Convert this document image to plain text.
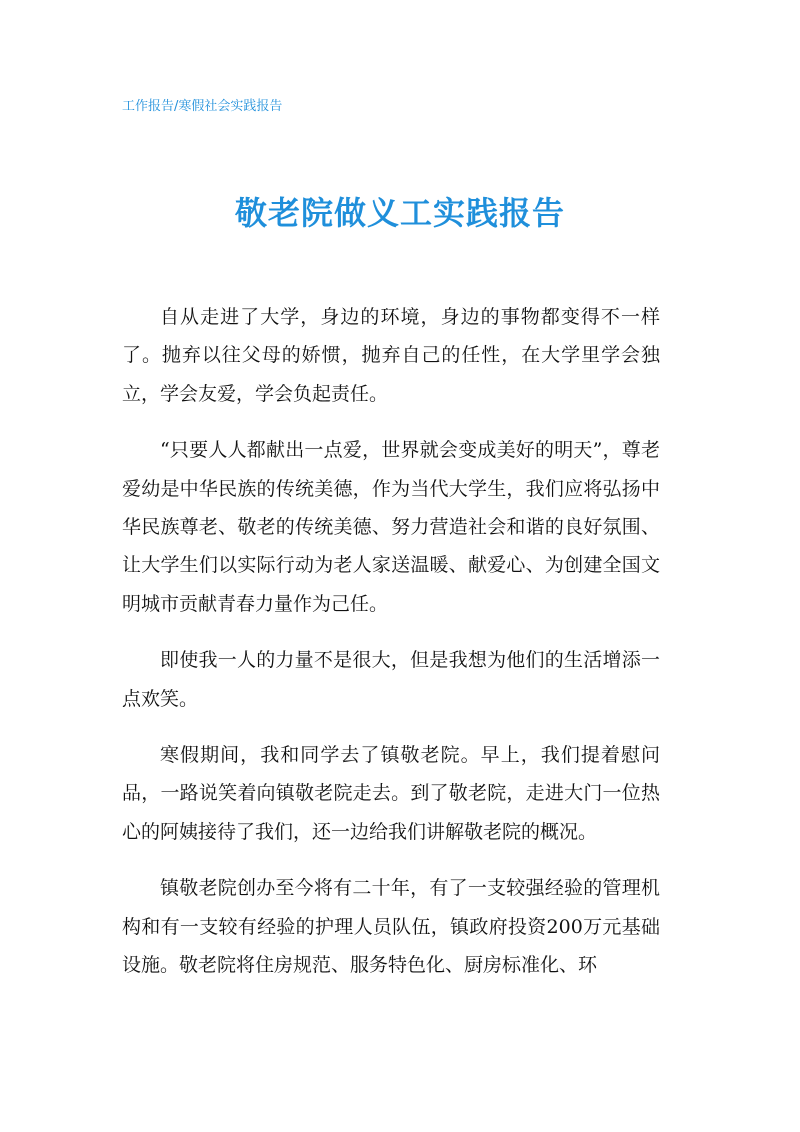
工作报告/寒假社会实践报告
敬老院做义工实践报告

自从走进了大学，身边的环境，身边的事物都变得不一样了。抛弃以往父母的娇惯，抛弃自己的任性，在大学里学会独立，学会友爱，学会负起责任。

“只要人人都献出一点爱，世界就会变成美好的明天”，尊老爱幼是中华民族的传统美德，作为当代大学生，我们应将弘扬中华民族尊老、敬老的传统美德、努力营造社会和谐的良好氛围、让大学生们以实际行动为老人家送温暖、献爱心、为创建全国文明城市贡献青春力量作为己任。

即使我一人的力量不是很大，但是我想为他们的生活增添一点欢笑。

寒假期间，我和同学去了镇敬老院。早上，我们提着慰问品，一路说笑着向镇敬老院走去。到了敬老院，走进大门一位热心的阿姨接待了我们，还一边给我们讲解敬老院的概况。

镇敬老院创办至今将有二十年，有了一支较强经验的管理机构和有一支较有经验的护理人员队伍，镇政府投资200万元基础设施。敬老院将住房规范、服务特色化、厨房标准化、环
